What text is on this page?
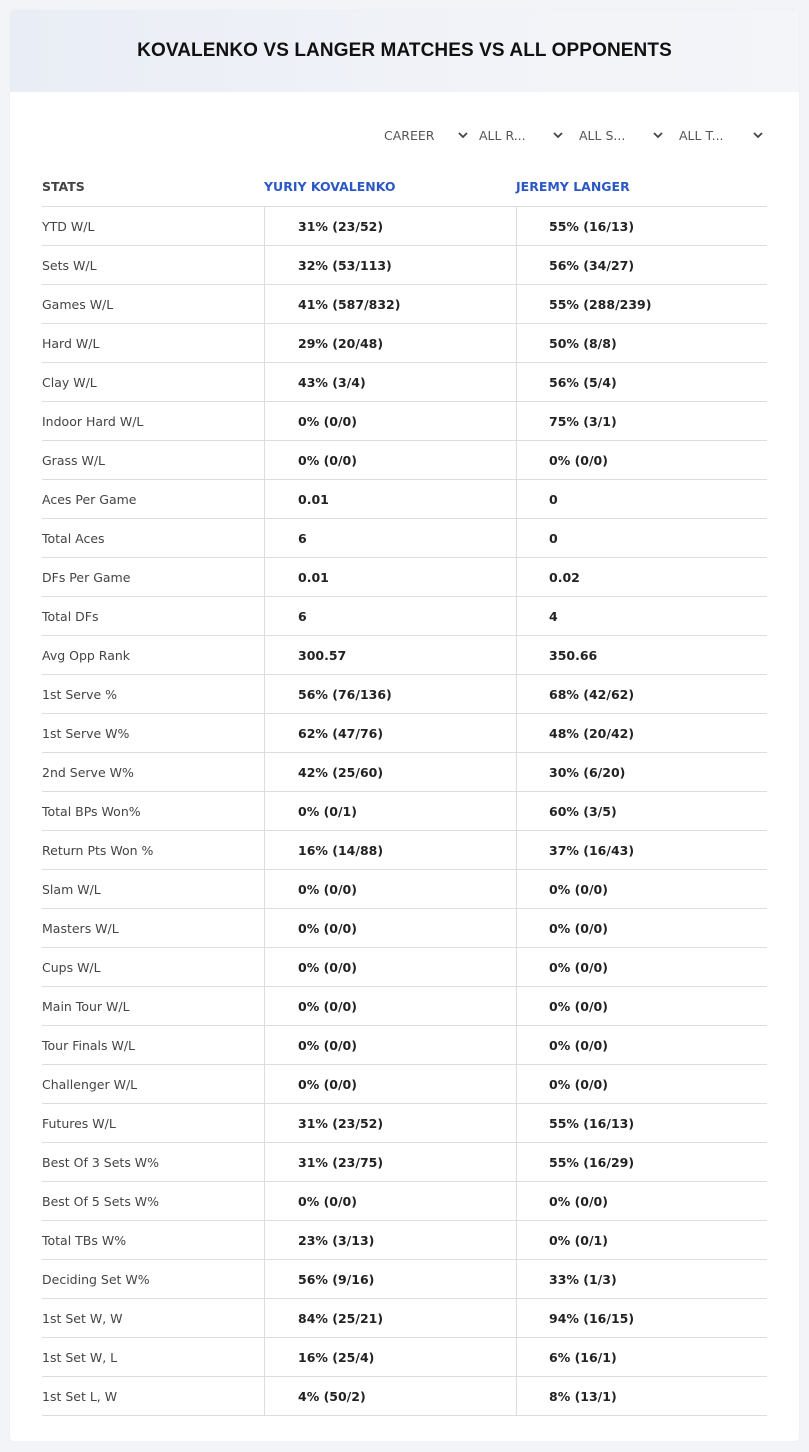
KOVALENKO VS LANGER MATCHES VS ALL OPPONENTS
CAREER	ALL R...	ALL S...	ALL T...
STATS	YURIY KOVALENKO	JEREMY LANGER
YTD W/L	31% (23/52)	55% (16/13)
Sets W/L	32% (53/113)	56% (34/27)
Games W/L	41% (587/832)	55% (288/239)
Hard W/L	29% (20/48)	50% (8/8)
Clay W/L	43% (3/4)	56% (5/4)
Indoor Hard W/L	0% (0/0)	75% (3/1)
Grass W/L	0% (0/0)	0% (0/0)
Aces Per Game	0.01	0
Total Aces	6	0
DFs Per Game	0.01	0.02
Total DFs	6	4
Avg Opp Rank	300.57	350.66
1st Serve %	56% (76/136)	68% (42/62)
1st Serve W%	62% (47/76)	48% (20/42)
2nd Serve W%	42% (25/60)	30% (6/20)
Total BPs Won%	0% (0/1)	60% (3/5)
Return Pts Won %	16% (14/88)	37% (16/43)
Slam W/L	0% (0/0)	0% (0/0)
Masters W/L	0% (0/0)	0% (0/0)
Cups W/L	0% (0/0)	0% (0/0)
Main Tour W/L	0% (0/0)	0% (0/0)
Tour Finals W/L	0% (0/0)	0% (0/0)
Challenger W/L	0% (0/0)	0% (0/0)
Futures W/L	31% (23/52)	55% (16/13)
Best Of 3 Sets W%	31% (23/75)	55% (16/29)
Best Of 5 Sets W%	0% (0/0)	0% (0/0)
Total TBs W%	23% (3/13)	0% (0/1)
Deciding Set W%	56% (9/16)	33% (1/3)
1st Set W, W	84% (25/21)	94% (16/15)
1st Set W, L	16% (25/4)	6% (16/1)
1st Set L, W	4% (50/2)	8% (13/1)
